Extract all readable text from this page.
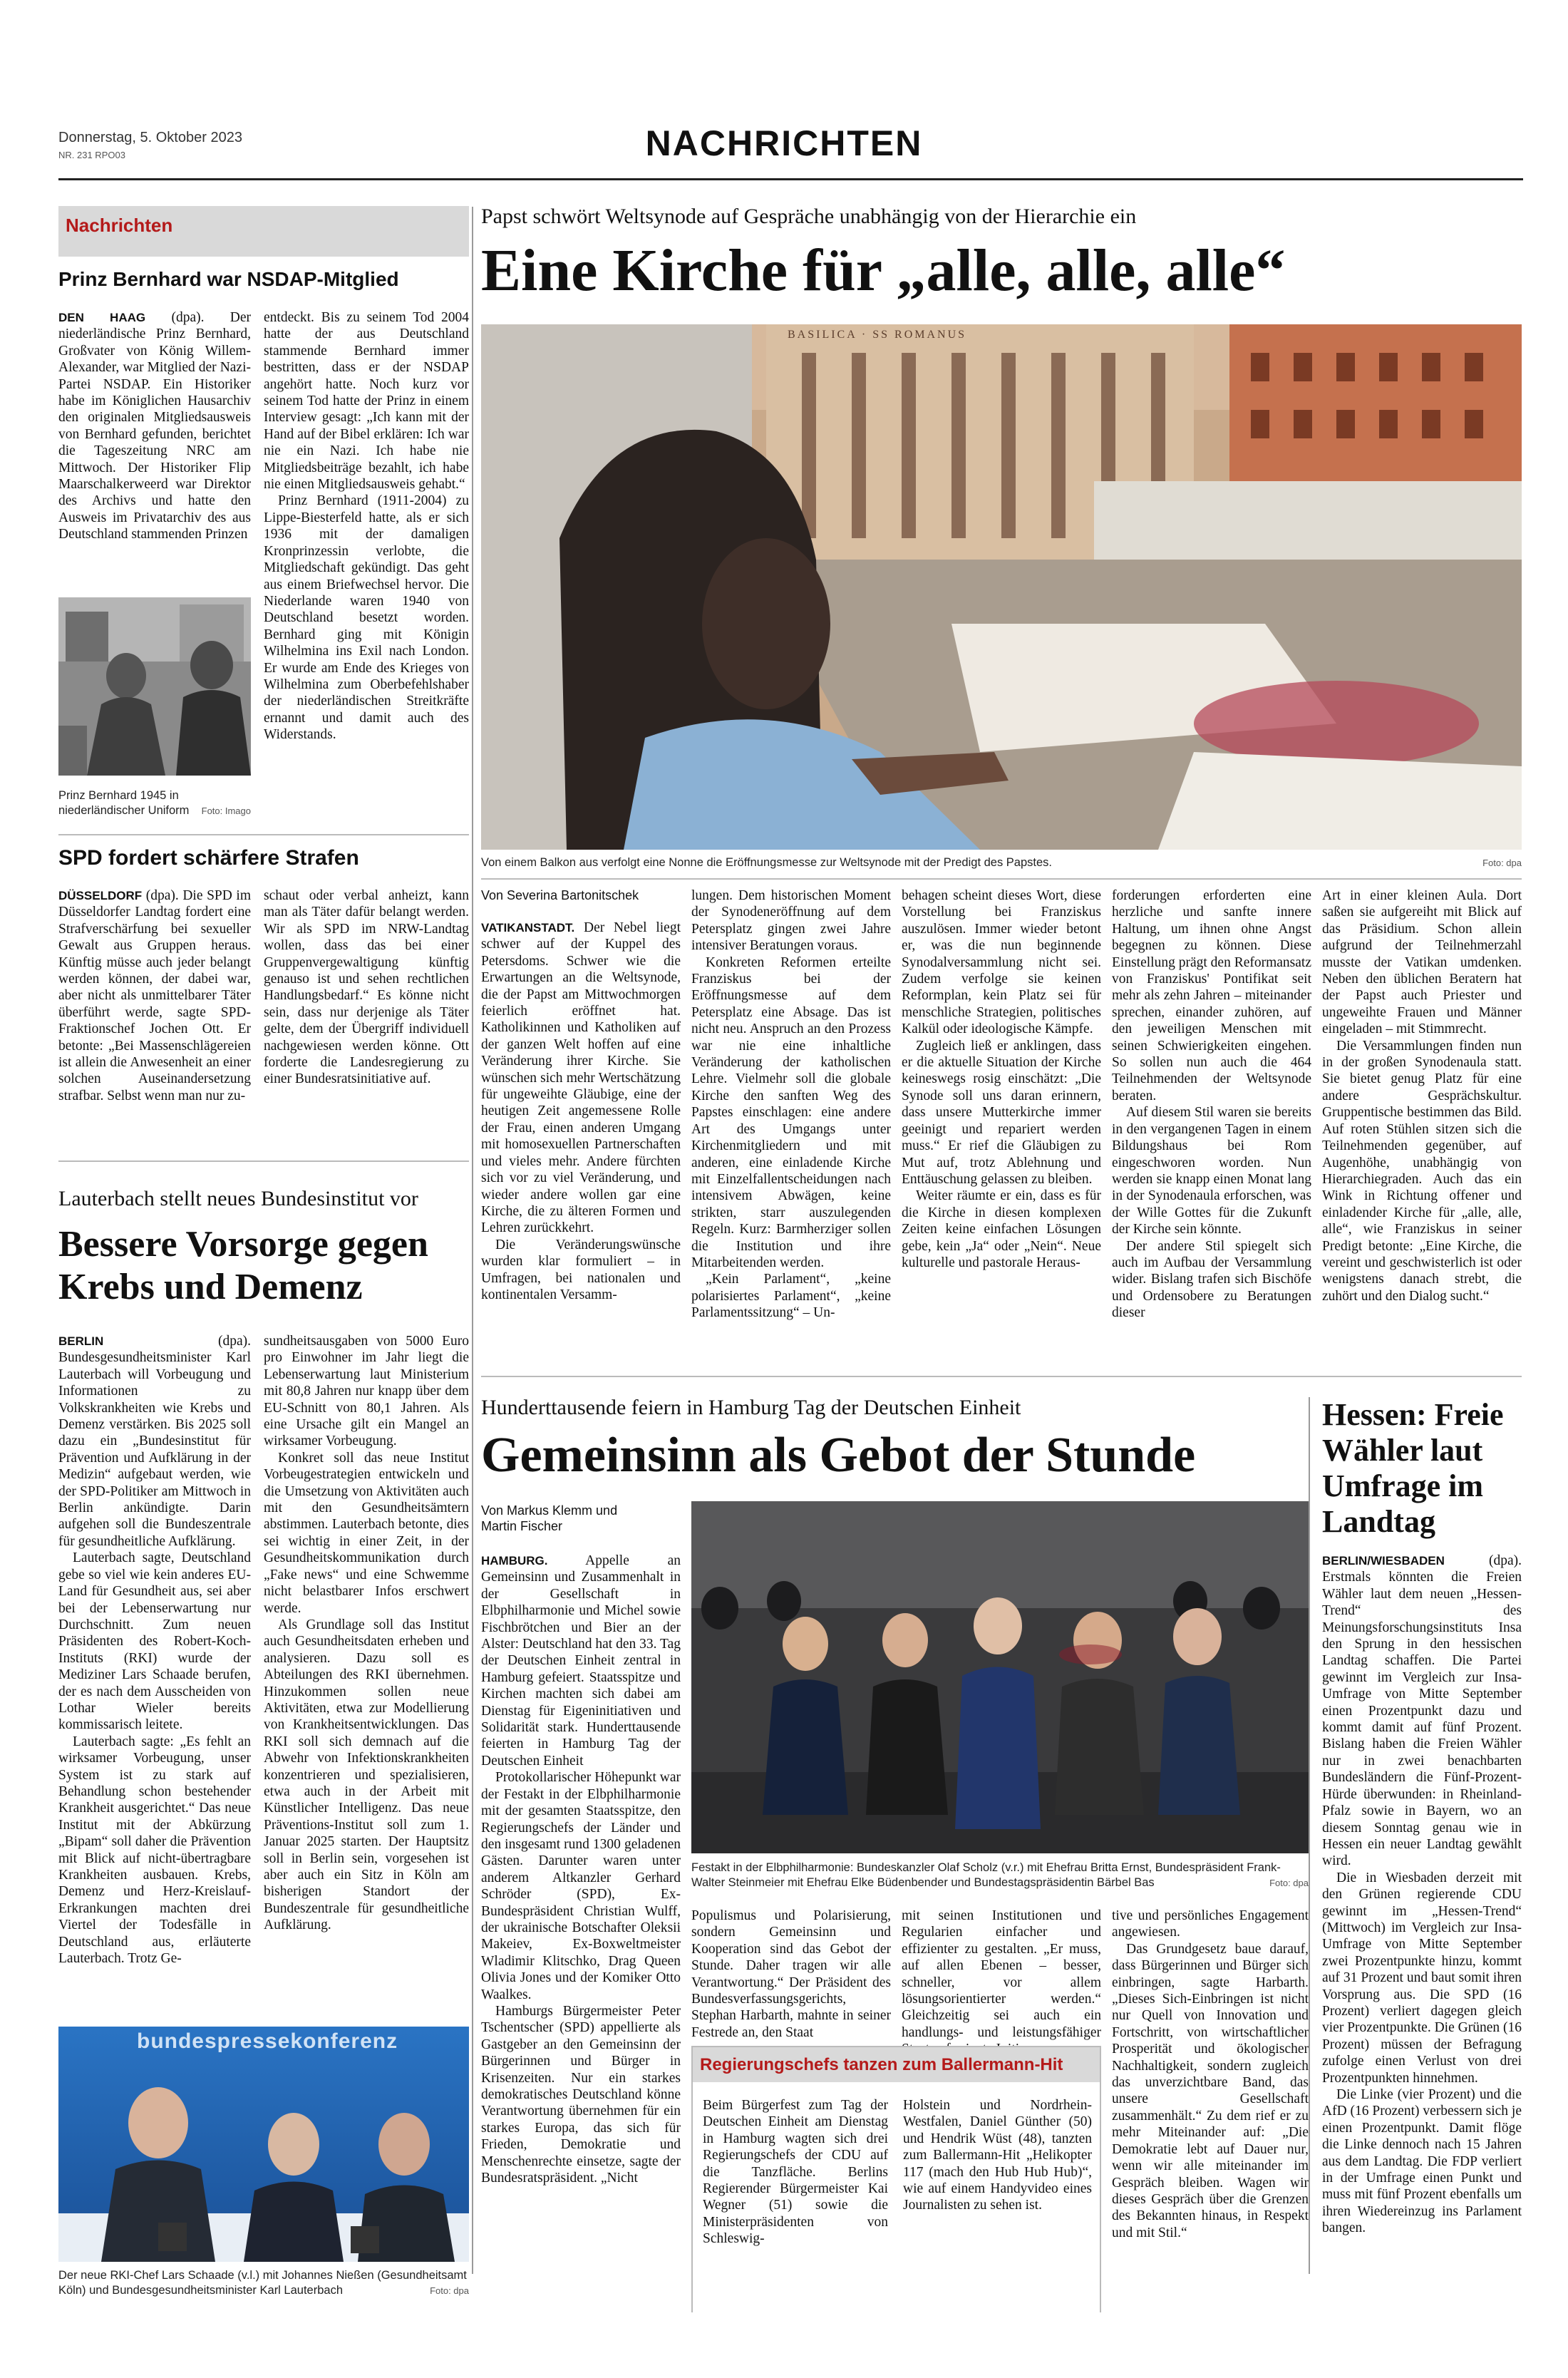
Donnerstag, 5. Oktober 2023
NR. 231 RPO03	NACHRICHTEN
Nachrichten
Prinz Bernhard war NSDAP-Mitglied

DEN HAAG (dpa). Der niederländische Prinz Bernhard, Großvater von König Willem-Alexander, war Mitglied der Nazi-Partei NSDAP. Ein Historiker habe im Königlichen Hausarchiv den originalen Mitgliedsausweis von Bernhard gefunden, berichtet die Tageszeitung NRC am Mittwoch. Der Historiker Flip Maarschalkerweerd war Direktor des Archivs und hatte den Ausweis im Privatarchiv des aus Deutschland stammenden Prinzen

Prinz Bernhard 1945 in niederländischer Uniform Foto: Imago

entdeckt. Bis zu seinem Tod 2004 hatte der aus Deutschland stammende Bernhard immer bestritten, dass er der NSDAP angehört hatte. Noch kurz vor seinem Tod hatte der Prinz in einem Interview gesagt: „Ich kann mit der Hand auf der Bibel erklären: Ich war nie ein Nazi. Ich habe nie Mitgliedsbeiträge bezahlt, ich habe nie einen Mitgliedsausweis gehabt.“

Prinz Bernhard (1911-2004) zu Lippe-Biesterfeld hatte, als er sich 1936 mit der damaligen Kronprinzessin verlobte, die Mitgliedschaft gekündigt. Das geht aus einem Briefwechsel hervor. Die Niederlande waren 1940 von Deutschland besetzt worden. Bernhard ging mit Königin Wilhelmina ins Exil nach London. Er wurde am Ende des Krieges von Wilhelmina zum Oberbefehlshaber der niederländischen Streitkräfte ernannt und damit auch des Widerstands.

SPD fordert schärfere Strafen

DÜSSELDORF (dpa). Die SPD im Düsseldorfer Landtag fordert eine Strafverschärfung bei sexueller Gewalt aus Gruppen heraus. Künftig müsse auch jeder belangt werden können, der dabei war, aber nicht als unmittelbarer Täter überführt werde, sagte SPD-Fraktionschef Jochen Ott. Er betonte: „Bei Massenschlägereien ist allein die Anwesenheit an einer solchen Auseinandersetzung strafbar. Selbst wenn man nur zu-

schaut oder verbal anheizt, kann man als Täter dafür belangt werden. Wir als SPD im NRW-Landtag wollen, dass das bei einer Gruppenvergewaltigung künftig genauso ist und sehen rechtlichen Handlungsbedarf.“ Es könne nicht sein, dass nur derjenige als Täter gelte, dem der Übergriff individuell nachgewiesen werden könne. Ott forderte die Landesregierung zu einer Bundesratsinitiative auf.

Lauterbach stellt neues Bundesinstitut vor
Bessere Vorsorge gegen Krebs und Demenz

BERLIN	(dpa). Bundesgesundheitsminister Karl Lauterbach will Vorbeugung und Informationen zu Volkskrankheiten wie Krebs und Demenz verstärken. Bis 2025 soll dazu ein „Bundesinstitut für Prävention und Aufklärung in der Medizin“ aufgebaut werden, wie der SPD-Politiker am Mittwoch in Berlin ankündigte. Darin aufgehen soll die Bundeszentrale für gesundheitliche Aufklärung.

Lauterbach sagte, Deutschland gebe so viel wie kein anderes EU-Land für Gesundheit aus, sei aber bei der Lebenserwartung nur Durchschnitt. Zum neuen Präsidenten des Robert-Koch-Instituts (RKI) wurde der Mediziner Lars Schaade berufen, der es nach dem Ausscheiden von Lothar Wieler bereits kommissarisch leitete.

Lauterbach sagte: „Es fehlt an wirksamer Vorbeugung, unser System ist zu stark auf Behandlung schon bestehender Krankheit ausgerichtet.“ Das neue Institut mit der Abkürzung „Bipam“ soll daher die Prävention mit Blick auf nicht-übertragbare Krankheiten ausbauen. Krebs, Demenz und Herz-Kreislauf-Erkrankungen machten drei Viertel der Todesfälle in Deutschland aus, erläuterte Lauterbach. Trotz Ge-

sundheitsausgaben von 5000 Euro pro Einwohner im Jahr liegt die Lebenserwartung laut Ministerium mit 80,8 Jahren nur knapp über dem EU-Schnitt von 80,1 Jahren. Als eine Ursache gilt ein Mangel an wirksamer Vorbeugung.

Konkret soll das neue Institut Vorbeugestrategien entwickeln und die Umsetzung von Aktivitäten auch mit den Gesundheitsämtern abstimmen. Lauterbach betonte, dies sei wichtig in einer Zeit, in der Gesundheitskommunikation durch „Fake news“ und eine Schwemme nicht belastbarer Infos erschwert werde.

Als Grundlage soll das Institut auch Gesundheitsdaten erheben und analysieren. Dazu soll es Abteilungen des RKI übernehmen. Hinzukommen sollen neue Aktivitäten, etwa zur Modellierung von Krankheitsentwicklungen. Das RKI soll sich demnach auf die Abwehr von Infektionskrankheiten konzentrieren und spezialisieren, etwa auch in der Arbeit mit Künstlicher Intelligenz. Das neue Präventions-Institut soll zum 1. Januar 2025 starten. Der Hauptsitz soll in Berlin sein, vorgesehen ist aber auch ein Sitz in Köln am bisherigen Standort der Bundeszentrale für gesundheitliche Aufklärung.

bundespressekonferenz
Der neue RKI-Chef Lars Schaade (v.l.) mit Johannes Nießen (Gesundheitsamt Köln) und Bundesgesundheitsminister Karl Lauterbach	Foto: dpa
Papst schwört Weltsynode auf Gespräche unabhängig von der Hierarchie ein
Eine Kirche für „alle, alle, alle“
BASILICA · SS ROMANUS
Von einem Balkon aus verfolgt eine Nonne die Eröffnungsmesse zur Weltsynode mit der Predigt des Papstes.	Foto: dpa
Von Severina Bartonitschek

VATIKANSTADT. Der Nebel liegt schwer auf der Kuppel des Petersdoms. Schwer wie die Erwartungen an die Weltsynode, die der Papst am Mittwochmorgen feierlich eröffnet hat. Katholikinnen und Katholiken auf der ganzen Welt hoffen auf eine Veränderung ihrer Kirche. Sie wünschen sich mehr Wertschätzung für ungeweihte Gläubige, eine der heutigen Zeit angemessene Rolle der Frau, einen anderen Umgang mit homosexuellen Partnerschaften und vieles mehr. Andere fürchten sich vor zu viel Veränderung, und wieder andere wollen gar eine Kirche, die zu älteren Formen und Lehren zurückkehrt.

Die Veränderungswünsche wurden klar formuliert – in Umfragen, bei nationalen und kontinentalen Versamm-

lungen. Dem historischen Moment der Synodeneröffnung auf dem Petersplatz gingen zwei Jahre intensiver Beratungen voraus.

Konkreten Reformen erteilte Franziskus bei der Eröffnungsmesse auf dem Petersplatz eine Absage. Das ist nicht neu. Anspruch an den Prozess war nie eine inhaltliche Veränderung der katholischen Lehre. Vielmehr soll die globale Kirche den sanften Weg des Papstes einschlagen: eine andere Art des Umgangs unter Kirchenmitgliedern und mit anderen, eine einladende Kirche mit Einzelfallentscheidungen nach intensivem Abwägen, keine strikten, starr auszulegenden Regeln. Kurz: Barmherziger sollen die Institution und ihre Mitarbeitenden werden.

„Kein Parlament“, „keine polarisiertes Parlament“, „keine Parlamentssitzung“ – Un-

behagen scheint dieses Wort, diese Vorstellung bei Franziskus auszulösen. Immer wieder betont er, was die nun beginnende Synodalversammlung nicht sei. Zudem verfolge sie keinen Reformplan, kein Platz sei für menschliche Strategien, politisches Kalkül oder ideologische Kämpfe.

Zugleich ließ er anklingen, dass er die aktuelle Situation der Kirche keineswegs rosig einschätzt: „Die Synode soll uns daran erinnern, dass unsere Mutterkirche immer geeinigt und repariert werden muss.“ Er rief die Gläubigen zu Mut auf, trotz Ablehnung und Enttäuschung gelassen zu bleiben.

Weiter räumte er ein, dass es für die Kirche in diesen komplexen Zeiten keine einfachen Lösungen gebe, kein „Ja“ oder „Nein“. Neue kulturelle und pastorale Heraus-

forderungen erforderten eine herzliche und sanfte innere Haltung, um ihnen ohne Angst begegnen zu können. Diese Einstellung prägt den Reformansatz von Franziskus' Pontifikat seit mehr als zehn Jahren – miteinander sprechen, einander zuhören, auf den jeweiligen Menschen mit seinen Schwierigkeiten eingehen. So sollen nun auch die 464 Teilnehmenden der Weltsynode beraten.

Auf diesem Stil waren sie bereits in den vergangenen Tagen in einem Bildungshaus bei Rom eingeschworen worden. Nun werden sie knapp einen Monat lang in der Synodenaula erforschen, was der Wille Gottes für die Zukunft der Kirche sein könnte.

Der andere Stil spiegelt sich auch im Aufbau der Versammlung wider. Bislang trafen sich Bischöfe und Ordensobere zu Beratungen dieser

Art in einer kleinen Aula. Dort saßen sie aufgereiht mit Blick auf das Präsidium. Schon allein aufgrund der Teilnehmerzahl musste der Vatikan umdenken. Neben den üblichen Beratern hat der Papst auch Priester und ungeweihte Frauen und Männer eingeladen – mit Stimmrecht.

Die Versammlungen finden nun in der großen Synodenaula statt. Sie bietet genug Platz für eine andere Gesprächskultur. Gruppentische bestimmen das Bild. Auf roten Stühlen sitzen sich die Teilnehmenden gegenüber, auf Augenhöhe, unabhängig von Hierarchiegraden. Auch das ein Wink in Richtung offener und einladender Kirche für „alle, alle, alle“, wie Franziskus in seiner Predigt betonte: „Eine Kirche, die vereint und geschwisterlich ist oder wenigstens danach strebt, die zuhört und den Dialog sucht.“

Hunderttausende feiern in Hamburg Tag der Deutschen Einheit
Gemeinsinn als Gebot der Stunde
Von Markus Klemm und Martin Fischer

HAMBURG.	Appelle an Gemeinsinn und Zusammenhalt in der Gesellschaft in Elbphilharmonie und Michel sowie Fischbrötchen und Bier an der Alster: Deutschland hat den 33. Tag der Deutschen Einheit zentral in Hamburg gefeiert. Staatsspitze und Kirchen machten sich dabei am Dienstag für Eigeninitiativen und Solidarität stark. Hunderttausende feierten in Hamburg Tag der Deutschen Einheit

Protokollarischer Höhepunkt war der Festakt in der Elbphilharmonie mit der gesamten Staatsspitze, den Regierungschefs der Länder und den insgesamt rund 1300 geladenen Gästen. Darunter waren unter anderem Altkanzler Gerhard Schröder (SPD), Ex-Bundespräsident Christian Wulff, der ukrainische Botschafter Oleksii Makeiev, Ex-Boxweltmeister Wladimir Klitschko, Drag Queen Olivia Jones und der Komiker Otto Waalkes.

Hamburgs Bürgermeister Peter Tschentscher (SPD) appellierte als Gastgeber an den Gemeinsinn der Bürgerinnen und Bürger in Krisenzeiten. Nur ein starkes demokratisches Deutschland könne Verantwortung übernehmen für ein starkes Europa, das sich für Frieden, Demokratie und Menschenrechte einsetze, sagte der Bundesratspräsident. „Nicht

Festakt in der Elbphilharmonie: Bundeskanzler Olaf Scholz (v.r.) mit Ehefrau Britta Ernst, Bundespräsident Frank-Walter Steinmeier mit Ehefrau Elke Büdenbender und Bundestagspräsidentin Bärbel Bas	Foto: dpa

Populismus und Polarisierung, sondern Gemeinsinn und Kooperation sind das Gebot der Stunde. Daher tragen wir alle Verantwortung.“ Der Präsident des Bundesverfassungsgerichts, Stephan Harbarth, mahnte in seiner Festrede an, den Staat

mit seinen Institutionen und Regularien einfacher und effizienter zu gestalten. „Er muss, auf allen Ebenen – besser, schneller, vor allem lösungsorientierter werden.“ Gleichzeitig sei auch ein handlungs- und leistungsfähiger

tive und persönliches Engagement angewiesen.

Das Grundgesetz baue darauf, dass Bürgerinnen und Bürger sich einbringen, sagte Harbarth. „Dieses Sich-Einbringen ist nicht nur Quell von Innovation und Fortschritt, von wirtschaftlicher Prosperität und ökologischer Nachhaltigkeit, sondern zugleich das unverzichtbare Band, das unsere Gesellschaft zusammenhält.“ Zu dem rief er zu mehr Miteinander auf: „Die Demokratie lebt auf Dauer nur, wenn wir alle miteinander im Gespräch bleiben. Wagen wir dieses Gespräch über die Grenzen des Bekannten hinaus, in Respekt und mit Stil.“

Regierungschefs tanzen zum Ballermann-Hit

Beim Bürgerfest zum Tag der Deutschen Einheit am Dienstag in Hamburg wagten sich drei Regierungschefs der CDU auf die Tanzfläche. Berlins Regierender Bürgermeister Kai Wegner (51) sowie die Ministerpräsidenten von Schleswig-

Holstein und Nordrhein-Westfalen, Daniel Günther (50) und Hendrik Wüst (48), tanzten zum Ballermann-Hit „Helikopter 117 (mach den Hub Hub Hub)“, wie auf einem Handyvideo eines Journalisten zu sehen ist.

Hessen: Freie Wähler laut Umfrage im Landtag

BERLIN/WIESBADEN	(dpa). Erstmals könnten die Freien Wähler laut dem neuen „Hessen-Trend“ des Meinungsforschungsinstituts Insa den Sprung in den hessischen Landtag schaffen. Die Partei gewinnt im Vergleich zur Insa-Umfrage von Mitte September einen Prozentpunkt dazu und kommt damit auf fünf Prozent. Bislang haben die Freien Wähler nur in zwei benachbarten Bundesländern die Fünf-Prozent-Hürde überwunden: in Rheinland-Pfalz sowie in Bayern, wo an diesem Sonntag genau wie in Hessen ein neuer Landtag gewählt wird.

Die in Wiesbaden derzeit mit den Grünen regierende CDU gewinnt im „Hessen-Trend“ (Mittwoch) im Vergleich zur Insa-Umfrage von Mitte September zwei Prozentpunkte hinzu, kommt auf 31 Prozent und baut somit ihren Vorsprung aus. Die SPD (16 Prozent) verliert dagegen gleich vier Prozentpunkte. Die Grünen (16 Prozent) müssen der Befragung zufolge einen Verlust von drei Prozentpunkten hinnehmen.

Die Linke (vier Prozent) und die AfD (16 Prozent) verbessern sich je einen Prozentpunkt. Damit flöge die Linke dennoch nach 15 Jahren aus dem Landtag. Die FDP verliert in der Umfrage einen Punkt und muss mit fünf Prozent ebenfalls um ihren Wiedereinzug ins Parlament bangen.
